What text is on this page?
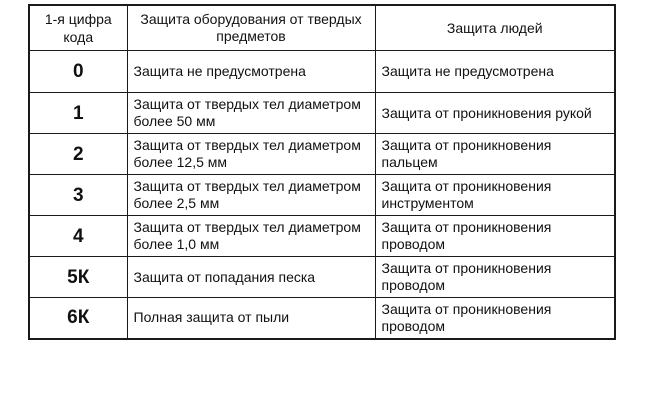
1-я цифра кода	Защита оборудования от твердых предметов	Защита людей
0	Защита не предусмотрена	Защита не предусмотрена
1	Защита от твердых тел диаметром более 50 мм	Защита от проникновения рукой
2	Защита от твердых тел диаметром более 12,5 мм	Защита от проникновения пальцем
3	Защита от твердых тел диаметром более 2,5 мм	Защита от проникновения инструментом
4	Защита от твердых тел диаметром более 1,0 мм	Защита от проникновения проводом
5К	Защита от попадания песка	Защита от проникновения проводом
6К	Полная защита от пыли	Защита от проникновения проводом
